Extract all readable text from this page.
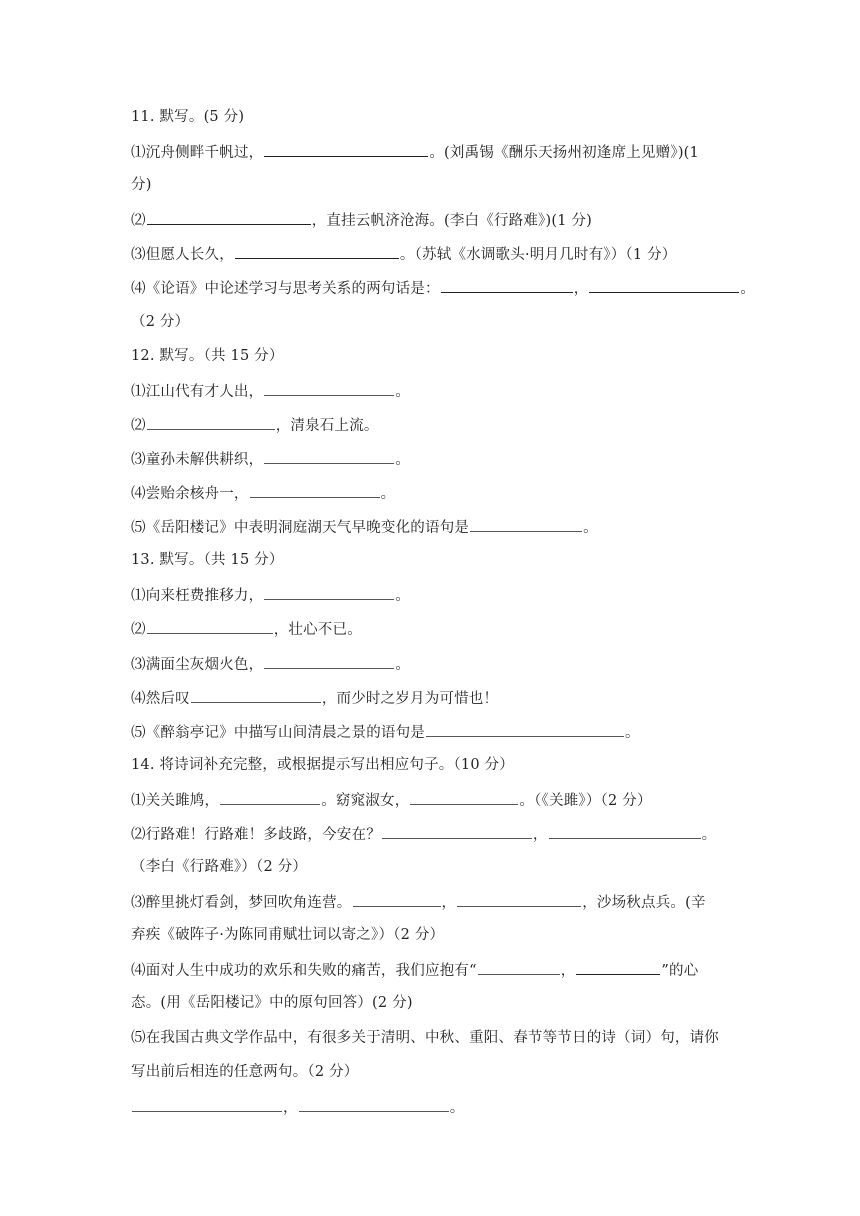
11. 默写。(5 分)
⑴沉舟侧畔千帆过，	。(刘禹锡《酬乐天扬州初逢席上见赠》)(1
分)
⑵	，直挂云帆济沧海。(李白《行路难》)(1 分)
⑶但愿人长久，	。（苏轼《水调歌头·明月几时有》）（1 分）
⑷《论语》中论述学习与思考关系的两句话是：	，	。
（2 分）
12. 默写。（共 15 分）
⑴江山代有才人出，	。
⑵	，清泉石上流。
⑶童孙未解供耕织，	。
⑷尝贻余核舟一，	。
⑸《岳阳楼记》中表明洞庭湖天气早晚变化的语句是	。
13. 默写。（共 15 分）
⑴向来枉费推移力，	。
⑵	，壮心不已。
⑶满面尘灰烟火色，	。
⑷然后叹	，而少时之岁月为可惜也！
⑸《醉翁亭记》中描写山间清晨之景的语句是	。
14. 将诗词补充完整，或根据提示写出相应句子。（10 分）
⑴关关雎鸠，	。窈窕淑女，	。（《关雎》）（2 分）
⑵行路难！行路难！多歧路，今安在？	，	。
（李白《行路难》）（2 分）
⑶醉里挑灯看剑，梦回吹角连营。	，	，沙场秋点兵。(辛
弃疾《破阵子·为陈同甫赋壮词以寄之》）（2 分）
⑷面对人生中成功的欢乐和失败的痛苦，我们应抱有“	，	”的心
态。(用《岳阳楼记》中的原句回答）(2 分)
⑸在我国古典文学作品中，有很多关于清明、中秋、重阳、春节等节日的诗（词）句，请你
写出前后相连的任意两句。（2 分）
，	。
